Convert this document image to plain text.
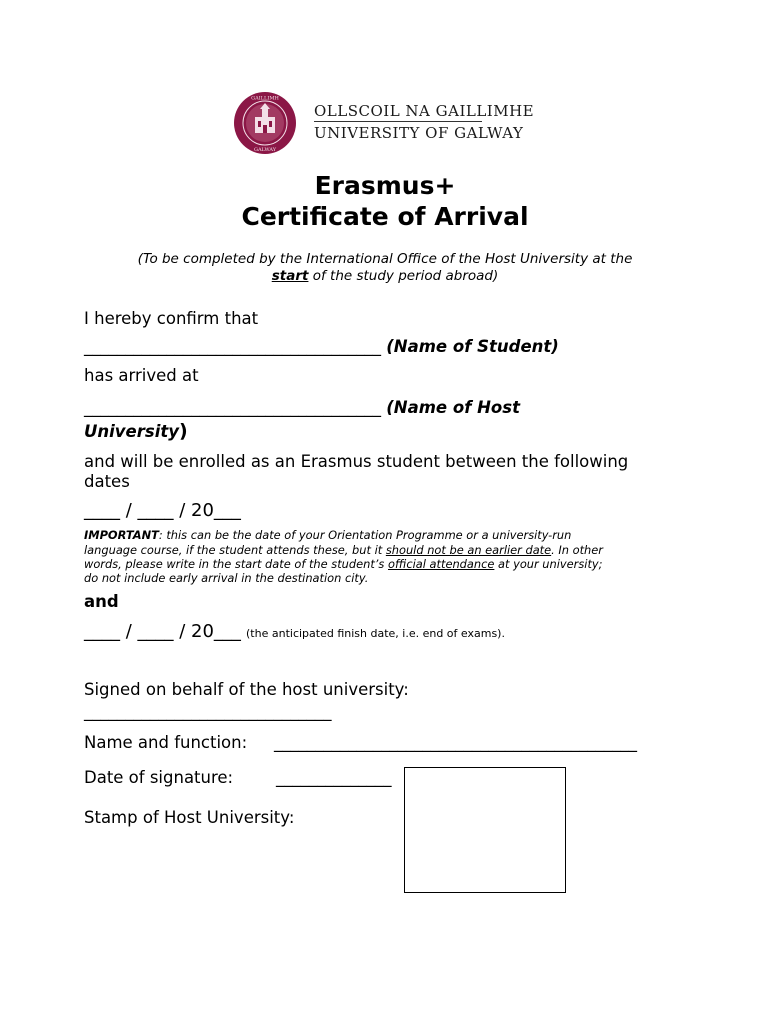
GAILLIMH
GALWAY
OLLSCOIL NA GAILLIMHE
UNIVERSITY OF GALWAY
Erasmus+
Certificate of Arrival
(To be completed by the International Office of the Host University at the
start of the study period abroad)
I hereby confirm that
____________________________________ (Name of Student)
has arrived at
____________________________________ (Name of Host
University)
and will be enrolled as an Erasmus student between the following
dates
____ / ____ / 20___
IMPORTANT: this can be the date of your Orientation Programme or a university-run
language course, if the student attends these, but it should not be an earlier date. In other
words, please write in the start date of the student’s official attendance at your university;
do not include early arrival in the destination city.
and
____ / ____ / 20___ (the anticipated finish date, i.e. end of exams).
Signed on behalf of the host university:
______________________________
Name and function: ____________________________________________
Date of signature:	______________
Stamp of Host University:
